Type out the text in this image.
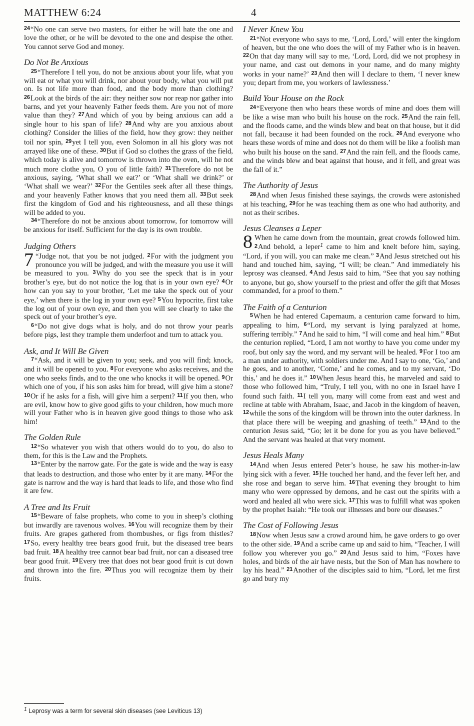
MATTHEW 6:24	4

$^{24}$“No one can serve two masters, for either he will hate the one and love the other, or he will be devoted to the one and despise the other. You cannot serve God and money.

Do Not Be Anxious

$^{25}$“Therefore I tell you, do not be anxious about your life, what you will eat or what you will drink, nor about your body, what you will put on. Is not life more than food, and the body more than clothing? $^{26}$Look at the birds of the air: they neither sow nor reap nor gather into barns, and yet your heavenly Father feeds them. Are you not of more value than they? $^{27}$And which of you by being anxious can add a single hour to his span of life? $^{28}$And why are you anxious about clothing? Consider the lilies of the field, how they grow: they neither toil nor spin, $^{29}$yet I tell you, even Solomon in all his glory was not arrayed like one of these. $^{30}$But if God so clothes the grass of the field, which today is alive and tomorrow is thrown into the oven, will he not much more clothe you, O you of little faith? $^{31}$Therefore do not be anxious, saying, ‘What shall we eat?’ or ‘What shall we drink?’ or ‘What shall we wear?’ $^{32}$For the Gentiles seek after all these things, and your heavenly Father knows that you need them all. $^{33}$But seek first the kingdom of God and his righteousness, and all these things will be added to you.

$^{34}$“Therefore do not be anxious about tomorrow, for tomorrow will be anxious for itself. Sufficient for the day is its own trouble.

Judging Others

7 “Judge not, that you be not judged. $^2$For with the judgment you pronounce you will be judged, and with the measure you use it will be measured to you. $^3$Why do you see the speck that is in your brother’s eye, but do not notice the log that is in your own eye? $^4$Or how can you say to your brother, ‘Let me take the speck out of your eye,’ when there is the log in your own eye? $^5$You hypocrite, first take the log out of your own eye, and then you will see clearly to take the speck out of your brother’s eye.

$^6$“Do not give dogs what is holy, and do not throw your pearls before pigs, lest they trample them underfoot and turn to attack you.

Ask, and It Will Be Given

$^7$“Ask, and it will be given to you; seek, and you will find; knock, and it will be opened to you. $^8$For everyone who asks receives, and the one who seeks finds, and to the one who knocks it will be opened. $^9$Or which one of you, if his son asks him for bread, will give him a stone? $^{10}$Or if he asks for a fish, will give him a serpent? $^{11}$If you then, who are evil, know how to give good gifts to your children, how much more will your Father who is in heaven give good things to those who ask him!

The Golden Rule

$^{12}$“So whatever you wish that others would do to you, do also to them, for this is the Law and the Prophets.

$^{13}$“Enter by the narrow gate. For the gate is wide and the way is easy that leads to destruction, and those who enter by it are many. $^{14}$For the gate is narrow and the way is hard that leads to life, and those who find it are few.

A Tree and Its Fruit

$^{15}$“Beware of false prophets, who come to you in sheep’s clothing but inwardly are ravenous wolves. $^{16}$You will recognize them by their fruits. Are grapes gathered from thornbushes, or figs from thistles? $^{17}$So, every healthy tree bears good fruit, but the diseased tree bears bad fruit. $^{18}$A healthy tree cannot bear bad fruit, nor can a diseased tree bear good fruit. $^{19}$Every tree that does not bear good fruit is cut down and thrown into the fire. $^{20}$Thus you will recognize them by their fruits.

I Never Knew You

$^{21}$“Not everyone who says to me, ‘Lord, Lord,’ will enter the kingdom of heaven, but the one who does the will of my Father who is in heaven. $^{22}$On that day many will say to me, ‘Lord, Lord, did we not prophesy in your name, and cast out demons in your name, and do many mighty works in your name?’ $^{23}$And then will I declare to them, ‘I never knew you; depart from me, you workers of lawlessness.’

Build Your House on the Rock

$^{24}$“Everyone then who hears these words of mine and does them will be like a wise man who built his house on the rock. $^{25}$And the rain fell, and the floods came, and the winds blew and beat on that house, but it did not fall, because it had been founded on the rock. $^{26}$And everyone who hears these words of mine and does not do them will be like a foolish man who built his house on the sand. $^{27}$And the rain fell, and the floods came, and the winds blew and beat against that house, and it fell, and great was the fall of it.”

The Authority of Jesus

$^{28}$And when Jesus finished these sayings, the crowds were astonished at his teaching, $^{29}$for he was teaching them as one who had authority, and not as their scribes.

Jesus Cleanses a Leper

8 When he came down from the mountain, great crowds followed him. $^2$And behold, a leper$^1$ came to him and knelt before him, saying, “Lord, if you will, you can make me clean.” $^3$And Jesus stretched out his hand and touched him, saying, “I will; be clean.” And immediately his leprosy was cleansed. $^4$And Jesus said to him, “See that you say nothing to anyone, but go, show yourself to the priest and offer the gift that Moses commanded, for a proof to them.”

The Faith of a Centurion

$^5$When he had entered Capernaum, a centurion came forward to him, appealing to him, $^6$“Lord, my servant is lying paralyzed at home, suffering terribly.” $^7$And he said to him, “I will come and heal him.” $^8$But the centurion replied, “Lord, I am not worthy to have you come under my roof, but only say the word, and my servant will be healed. $^9$For I too am a man under authority, with soldiers under me. And I say to one, ‘Go,’ and he goes, and to another, ‘Come,’ and he comes, and to my servant, ‘Do this,’ and he does it.” $^{10}$When Jesus heard this, he marveled and said to those who followed him, “Truly, I tell you, with no one in Israel have I found such faith. $^{11}$I tell you, many will come from east and west and recline at table with Abraham, Isaac, and Jacob in the kingdom of heaven, $^{12}$while the sons of the kingdom will be thrown into the outer darkness. In that place there will be weeping and gnashing of teeth.” $^{13}$And to the centurion Jesus said, “Go; let it be done for you as you have believed.” And the servant was healed at that very moment.

Jesus Heals Many

$^{14}$And when Jesus entered Peter’s house, he saw his mother-in-law lying sick with a fever. $^{15}$He touched her hand, and the fever left her, and she rose and began to serve him. $^{16}$That evening they brought to him many who were oppressed by demons, and he cast out the spirits with a word and healed all who were sick. $^{17}$This was to fulfill what was spoken by the prophet Isaiah: “He took our illnesses and bore our diseases.”

The Cost of Following Jesus

$^{18}$Now when Jesus saw a crowd around him, he gave orders to go over to the other side. $^{19}$And a scribe came up and said to him, “Teacher, I will follow you wherever you go.” $^{20}$And Jesus said to him, “Foxes have holes, and birds of the air have nests, but the Son of Man has nowhere to lay his head.” $^{21}$Another of the disciples said to him, “Lord, let me first go and bury my

$^1$ Leprosy was a term for several skin diseases (see Leviticus 13)
